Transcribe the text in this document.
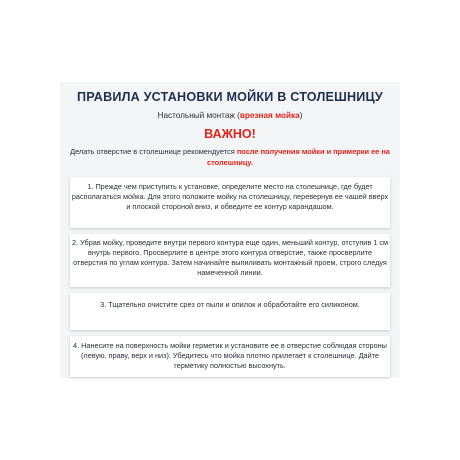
ПРАВИЛА УСТАНОВКИ МОЙКИ В СТОЛЕШНИЦУ
Настольный монтаж (врезная мойка)
ВАЖНО!
Делать отверстие в столешнице рекомендуется после получения мойки и примерки ее на столешницу.

1. Прежде чем приступить к установке, определите место на столешнице, где будет располагаться мойка. Для этого положите мойку на столешницу, перевернув ее чашей вверх и плоской стороной вниз, и обведите ее контур карандашом.

2. Убрав мойку, проведите внутри первого контура еще один, меньший контур, отступив 1 см внутрь первого. Просверлите в центре этого контура отверстие, также просверлите отверстия по углам контура. Затем начинайте выпиливать монтажный проем, строго следуя намеченной линии.

3. Тщательно очистите срез от пыли и опилок и обработайте его силиконом.

4. Нанесите на поверхность мойки герметик и установите ее в отверстие соблюдая стороны (левую, праву, верх и низ). Убедитесь что мойка плотно прилегает к столешнице. Дайте герметику полностью высохнуть.
